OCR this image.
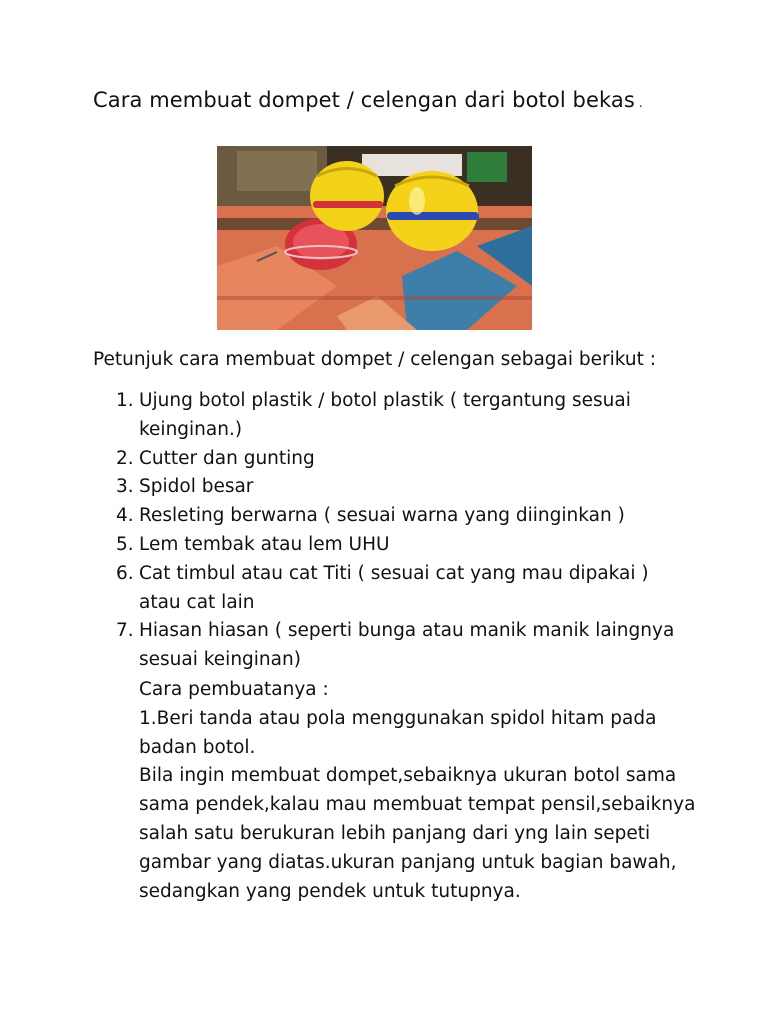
Cara membuat dompet / celengan dari botol bekas .
Petunjuk cara membuat dompet / celengan sebagai berikut :
1. Ujung botol plastik / botol plastik ( tergantung sesuai keinginan.)
2. Cutter dan gunting
3. Spidol besar
4. Resleting berwarna ( sesuai warna yang diinginkan )
5. Lem tembak atau lem UHU
6. Cat timbul atau cat Titi ( sesuai cat yang mau dipakai ) atau cat lain
7. Hiasan hiasan ( seperti bunga atau manik manik laingnya sesuai keinginan)

Cara pembuatanya :

1.Beri tanda atau pola menggunakan spidol hitam pada badan botol.

Bila ingin membuat dompet,sebaiknya ukuran botol sama sama pendek,kalau mau membuat tempat pensil,sebaiknya salah satu berukuran lebih panjang dari yng lain sepeti gambar yang diatas.ukuran panjang untuk bagian bawah, sedangkan yang pendek untuk tutupnya.
